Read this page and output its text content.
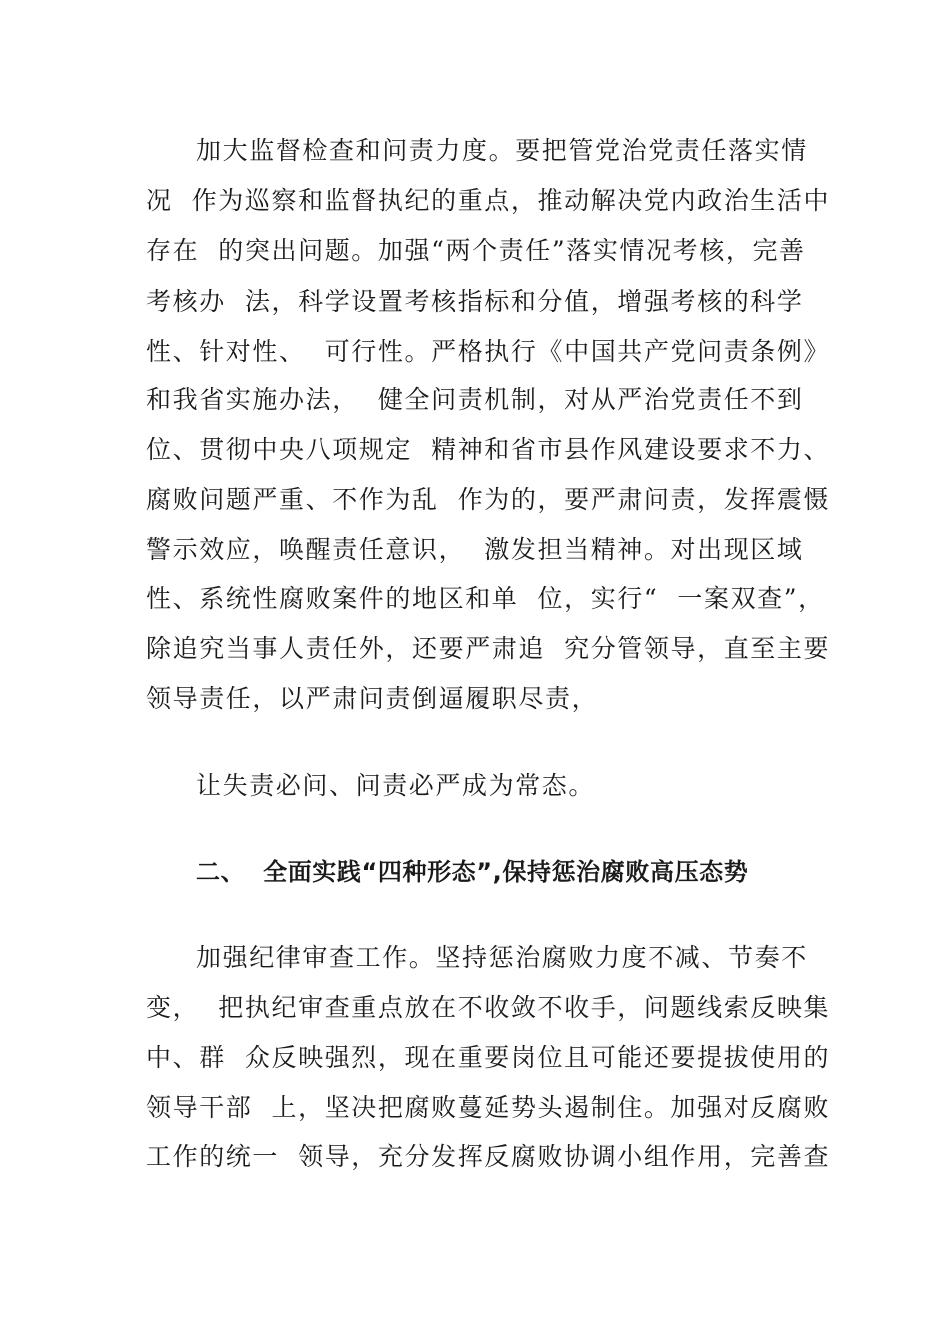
加大监督检查和问责力度。要把管党治党责任落实情
况  作为巡察和监督执纪的重点，推动解决党内政治生活中
存在  的突出问题。加强“两个责任”落实情况考核，完善
考核办  法，科学设置考核指标和分值，增强考核的科学
性、针对性、  可行性。严格执行《中国共产党问责条例》
和我省实施办法，  健全问责机制，对从严治党责任不到
位、贯彻中央八项规定  精神和省市县作风建设要求不力、
腐败问题严重、不作为乱  作为的，要严肃问责，发挥震慑
警示效应，唤醒责任意识，  激发担当精神。对出现区域
性、系统性腐败案件的地区和单  位，实行“  一案双查”，
除追究当事人责任外，还要严肃追  究分管领导，直至主要
领导责任，以严肃问责倒逼履职尽责，
让失责必问、问责必严成为常态。
二、  全面实践“四种形态”,保持惩治腐败高压态势
加强纪律审查工作。坚持惩治腐败力度不减、节奏不
变，  把执纪审查重点放在不收敛不收手，问题线索反映集
中、群  众反映强烈，现在重要岗位且可能还要提拔使用的
领导干部  上，坚决把腐败蔓延势头遏制住。加强对反腐败
工作的统一  领导，充分发挥反腐败协调小组作用，完善查
